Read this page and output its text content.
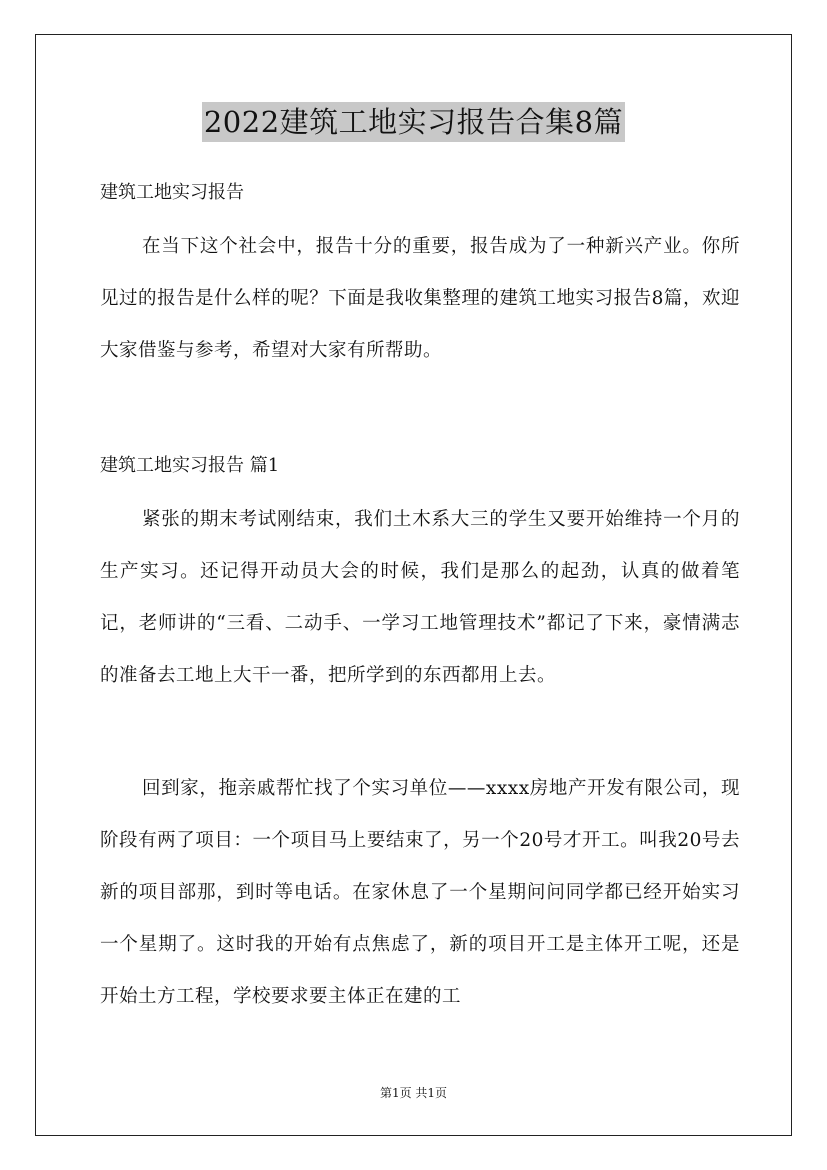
2022建筑工地实习报告合集8篇
建筑工地实习报告
在当下这个社会中，报告十分的重要，报告成为了一种新兴产业。你所见过的报告是什么样的呢？下面是我收集整理的建筑工地实习报告8篇，欢迎大家借鉴与参考，希望对大家有所帮助。
建筑工地实习报告 篇1
紧张的期末考试刚结束，我们土木系大三的学生又要开始维持一个月的生产实习。还记得开动员大会的时候，我们是那么的起劲，认真的做着笔记，老师讲的“三看、二动手、一学习工地管理技术”都记了下来，豪情满志的准备去工地上大干一番，把所学到的东西都用上去。
回到家，拖亲戚帮忙找了个实习单位——xxxx房地产开发有限公司，现阶段有两了项目：一个项目马上要结束了，另一个20号才开工。叫我20号去新的项目部那，到时等电话。在家休息了一个星期问问同学都已经开始实习一个星期了。这时我的开始有点焦虑了，新的项目开工是主体开工呢，还是开始土方工程，学校要求要主体正在建的工
第1页 共1页
